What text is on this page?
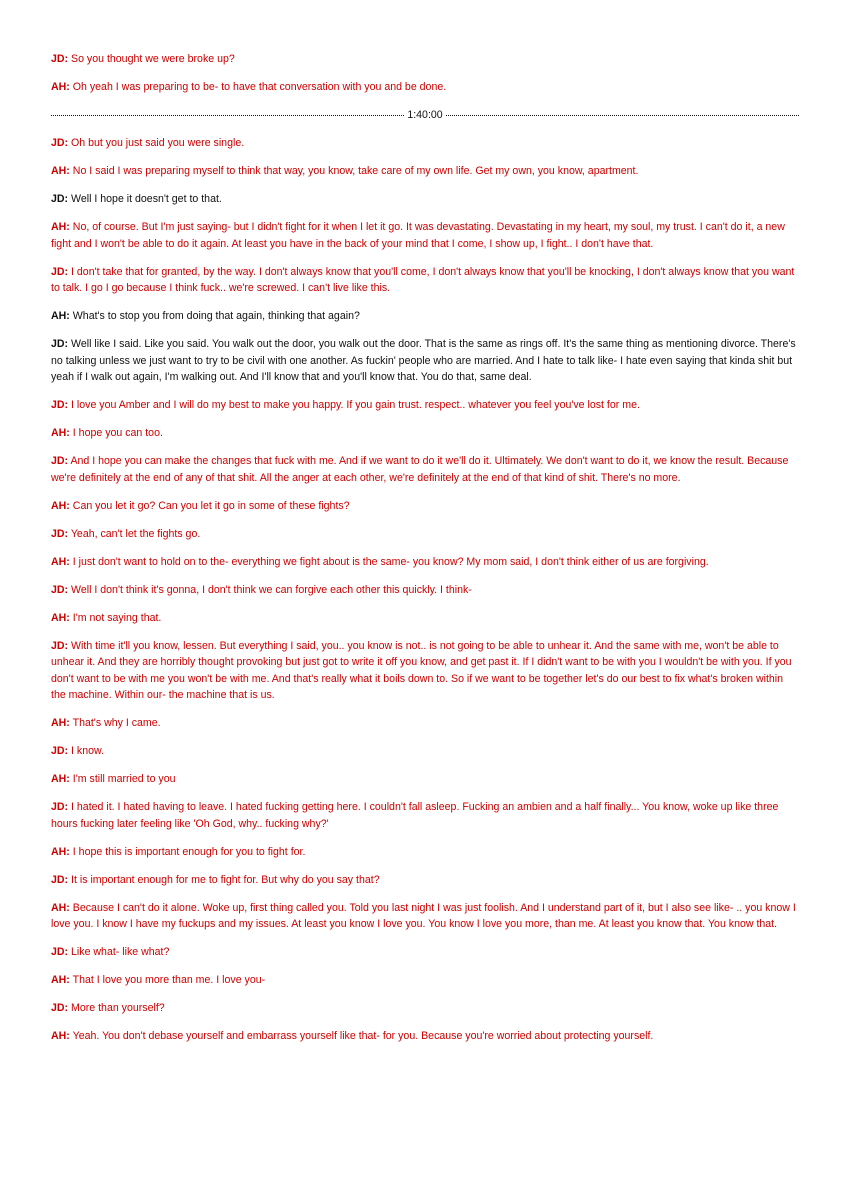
JD: So you thought we were broke up?

AH: Oh yeah I was preparing to be- to have that conversation with you and be done.

1:40:00

JD: Oh but you just said you were single.

AH: No I said I was preparing myself to think that way, you know, take care of my own life. Get my own, you know, apartment.

JD: Well I hope it doesn't get to that.

AH: No, of course. But I'm just saying- but I didn't fight for it when I let it go. It was devastating. Devastating in my heart, my soul, my trust. I can't do it, a new fight and I won't be able to do it again. At least you have in the back of your mind that I come, I show up, I fight.. I don't have that.

JD: I don't take that for granted, by the way. I don't always know that you'll come, I don't always know that you'll be knocking, I don't always know that you want to talk. I go I go because I think fuck.. we're screwed. I can't live like this.

AH: What's to stop you from doing that again, thinking that again?

JD: Well like I said. Like you said. You walk out the door, you walk out the door. That is the same as rings off. It's the same thing as mentioning divorce. There's no talking unless we just want to try to be civil with one another. As fuckin' people who are married. And I hate to talk like- I hate even saying that kinda shit but yeah if I walk out again, I'm walking out. And I'll know that and you'll know that. You do that, same deal.

JD: I love you Amber and I will do my best to make you happy. If you gain trust. respect.. whatever you feel you've lost for me.

AH: I hope you can too.

JD: And I hope you can make the changes that fuck with me. And if we want to do it we'll do it. Ultimately. We don't want to do it, we know the result. Because we're definitely at the end of any of that shit. All the anger at each other, we're definitely at the end of that kind of shit. There's no more.

AH: Can you let it go? Can you let it go in some of these fights?

JD: Yeah, can't let the fights go.

AH: I just don't want to hold on to the- everything we fight about is the same- you know? My mom said, I don't think either of us are forgiving.

JD: Well I don't think it's gonna, I don't think we can forgive each other this quickly. I think-

AH: I'm not saying that.

JD: With time it'll you know, lessen. But everything I said, you.. you know is not.. is not going to be able to unhear it. And the same with me, won't be able to unhear it. And they are horribly thought provoking but just got to write it off you know, and get past it. If I didn't want to be with you I wouldn't be with you. If you don't want to be with me you won't be with me. And that's really what it boils down to. So if we want to be together let's do our best to fix what's broken within the machine. Within our- the machine that is us.

AH: That's why I came.

JD: I know.

AH: I'm still married to you

JD: I hated it. I hated having to leave. I hated fucking getting here. I couldn't fall asleep. Fucking an ambien and a half finally... You know, woke up like three hours fucking later feeling like 'Oh God, why.. fucking why?'

AH: I hope this is important enough for you to fight for.

JD: It is important enough for me to fight for. But why do you say that?

AH: Because I can't do it alone. Woke up, first thing called you. Told you last night I was just foolish. And I understand part of it, but I also see like- .. you know I love you. I know I have my fuckups and my issues. At least you know I love you. You know I love you more, than me. At least you know that. You know that.

JD: Like what- like what?

AH: That I love you more than me. I love you-

JD: More than yourself?

AH: Yeah. You don't debase yourself and embarrass yourself like that- for you. Because you're worried about protecting yourself.
